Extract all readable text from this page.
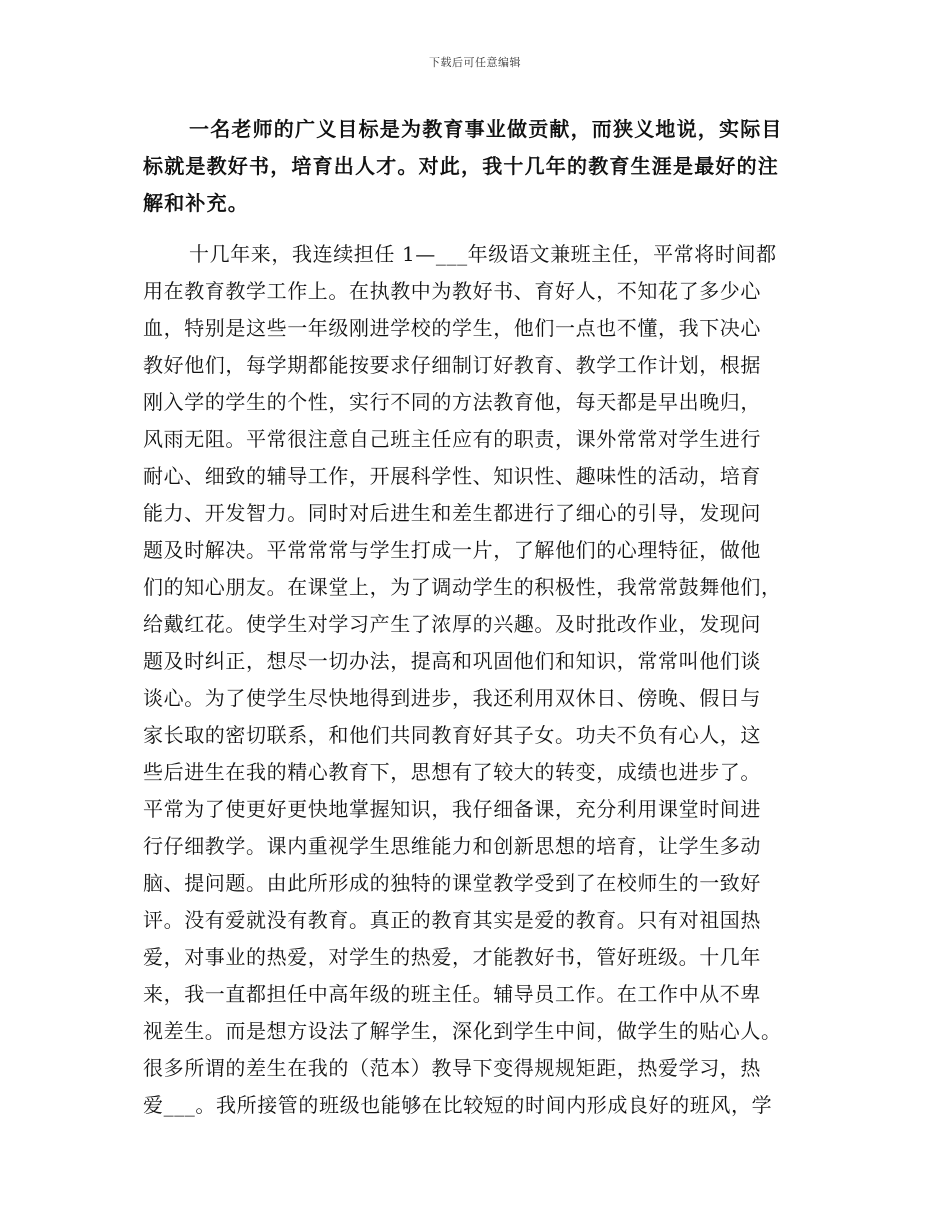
下载后可任意编辑
一名老师的广义目标是为教育事业做贡献，而狭义地说，实际目
标就是教好书，培育出人才。对此，我十几年的教育生涯是最好的注
解和补充。
十几年来，我连续担任 1—___年级语文兼班主任，平常将时间都
用在教育教学工作上。在执教中为教好书、育好人，不知花了多少心
血，特别是这些一年级刚进学校的学生，他们一点也不懂，我下决心
教好他们，每学期都能按要求仔细制订好教育、教学工作计划，根据
刚入学的学生的个性，实行不同的方法教育他，每天都是早出晚归，
风雨无阻。平常很注意自己班主任应有的职责，课外常常对学生进行
耐心、细致的辅导工作，开展科学性、知识性、趣味性的活动，培育
能力、开发智力。同时对后进生和差生都进行了细心的引导，发现问
题及时解决。平常常常与学生打成一片，了解他们的心理特征，做他
们的知心朋友。在课堂上，为了调动学生的积极性，我常常鼓舞他们，
给戴红花。使学生对学习产生了浓厚的兴趣。及时批改作业，发现问
题及时纠正，想尽一切办法，提高和巩固他们和知识，常常叫他们谈
谈心。为了使学生尽快地得到进步，我还利用双休日、傍晚、假日与
家长取的密切联系，和他们共同教育好其子女。功夫不负有心人，这
些后进生在我的精心教育下，思想有了较大的转变，成绩也进步了。
平常为了使更好更快地掌握知识，我仔细备课，充分利用课堂时间进
行仔细教学。课内重视学生思维能力和创新思想的培育，让学生多动
脑、提问题。由此所形成的独特的课堂教学受到了在校师生的一致好
评。没有爱就没有教育。真正的教育其实是爱的教育。只有对祖国热
爱，对事业的热爱，对学生的热爱，才能教好书，管好班级。十几年
来，我一直都担任中高年级的班主任。辅导员工作。在工作中从不卑
视差生。而是想方设法了解学生，深化到学生中间，做学生的贴心人。
很多所谓的差生在我的（范本）教导下变得规规矩距，热爱学习，热
爱___。我所接管的班级也能够在比较短的时间内形成良好的班风，学
